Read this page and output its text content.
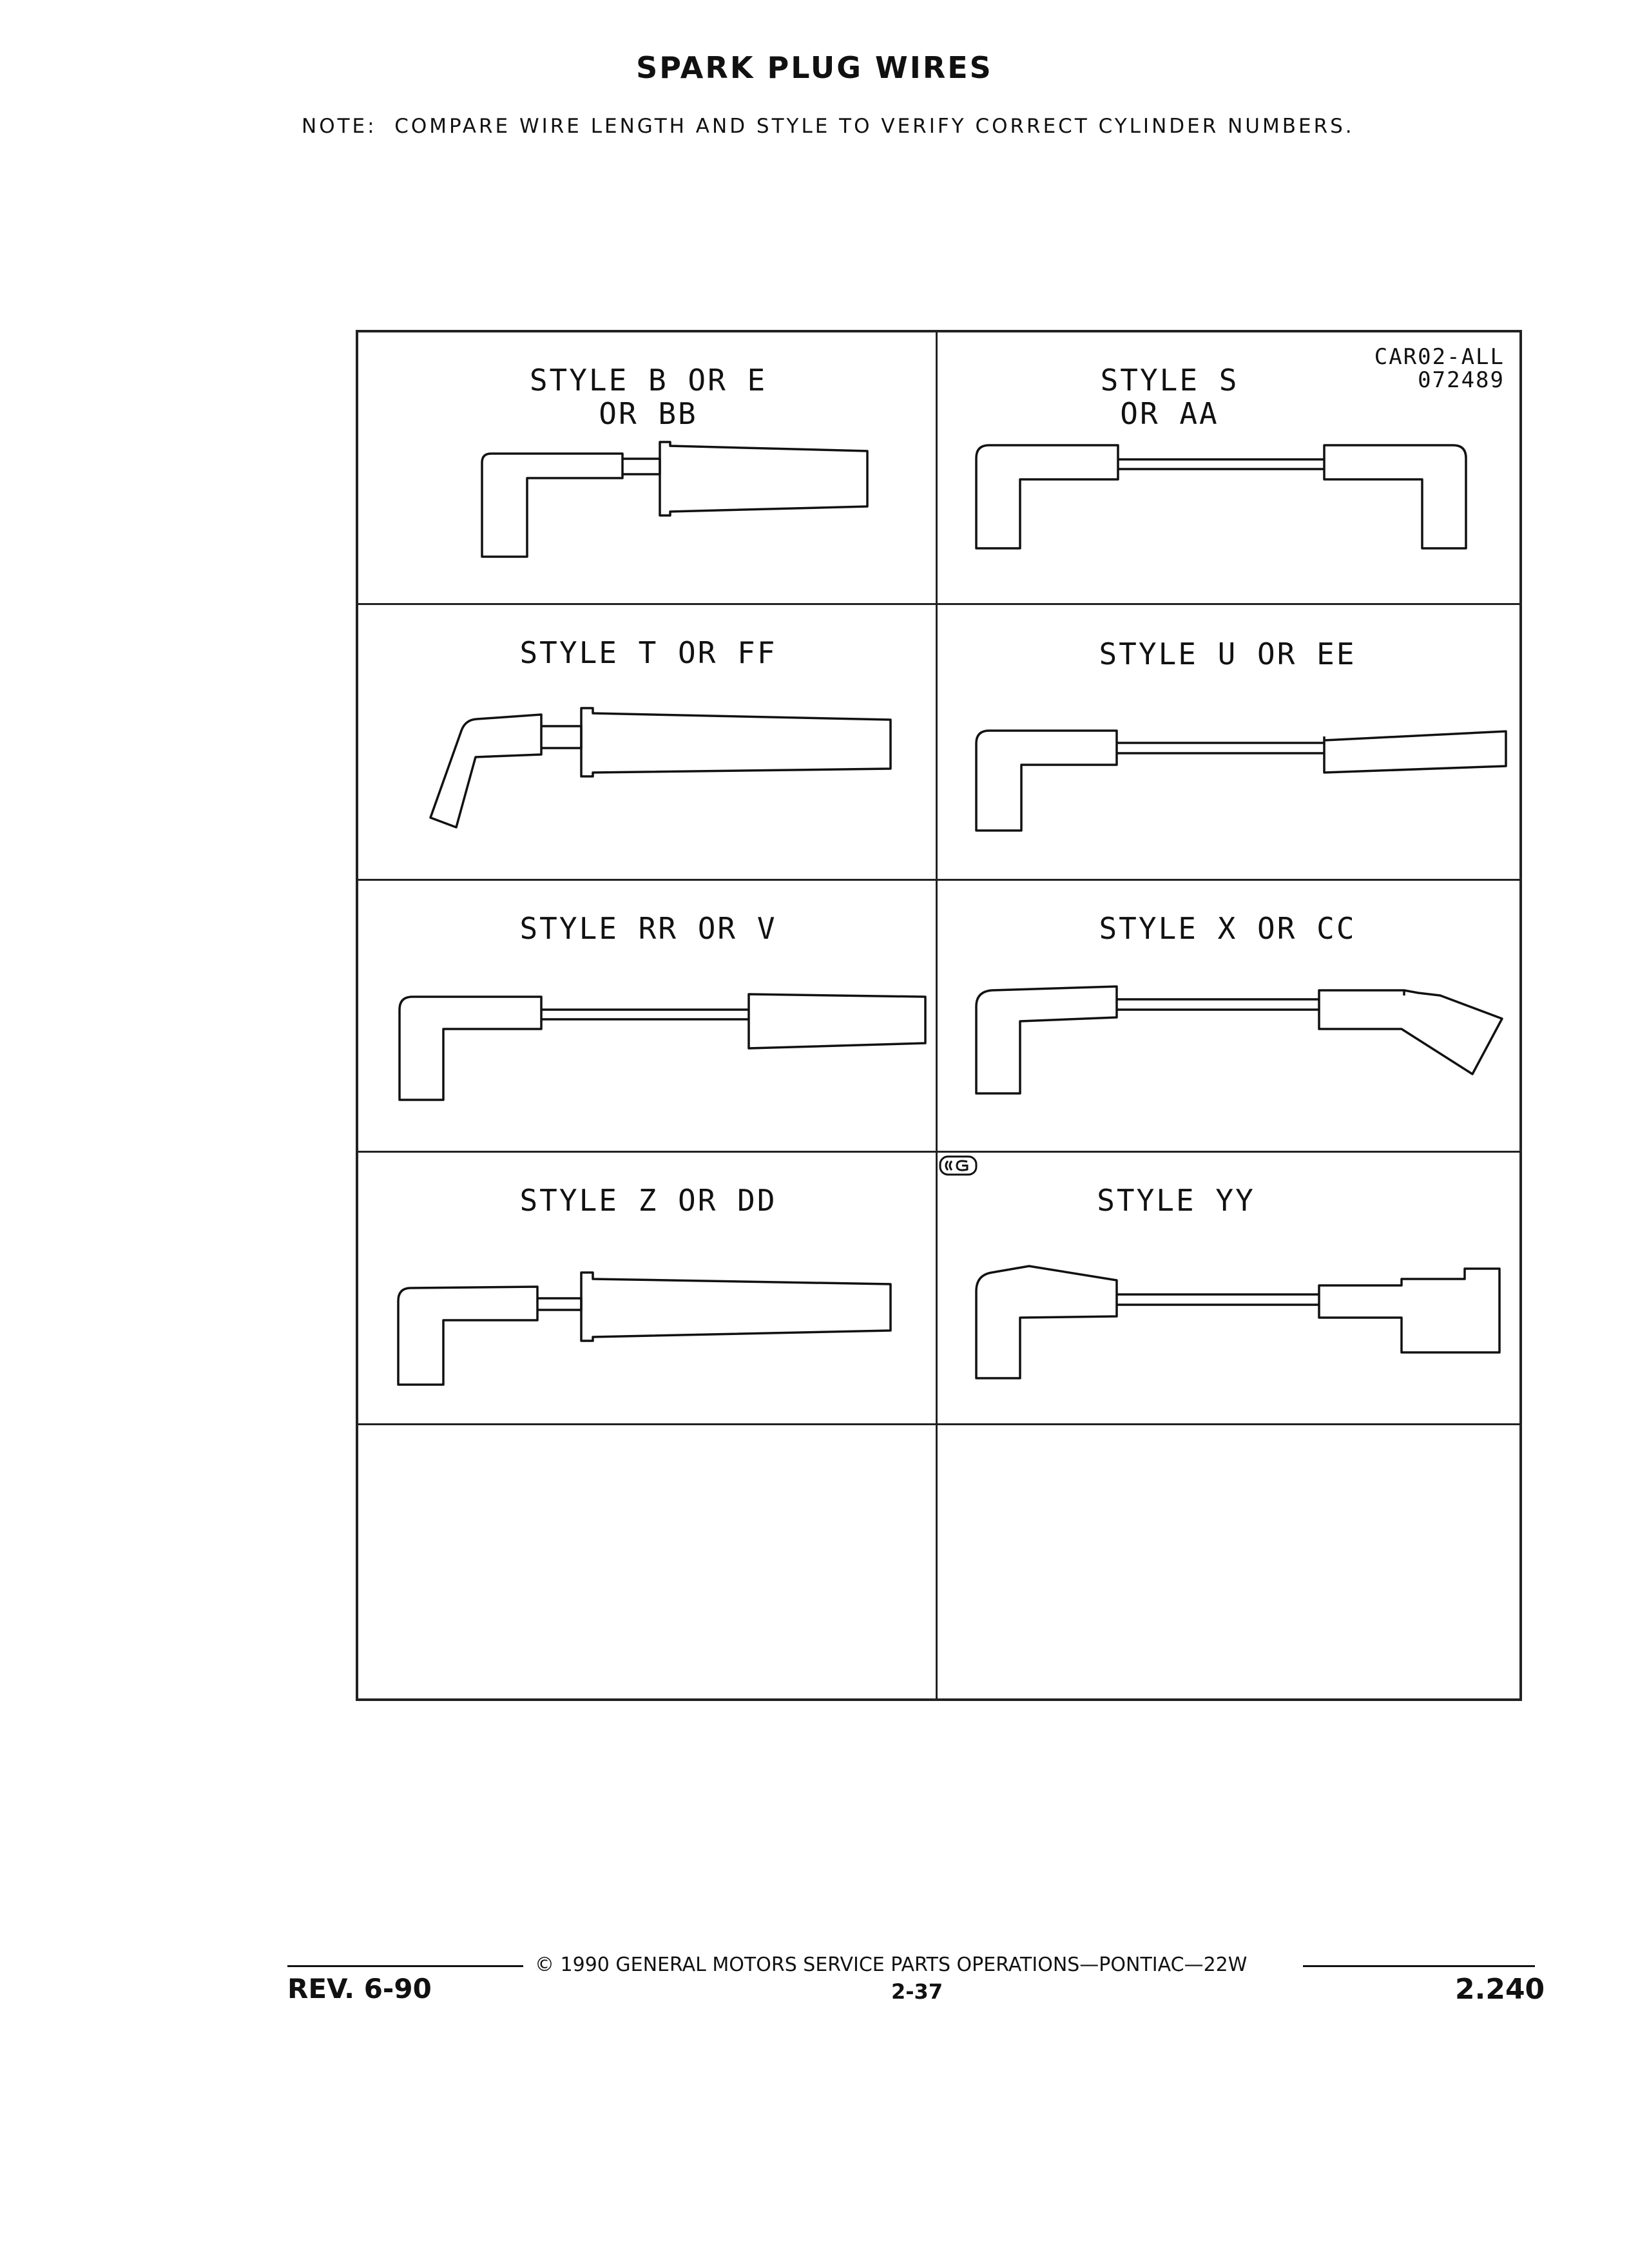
SPARK PLUG WIRES
NOTE:  COMPARE WIRE LENGTH AND STYLE TO VERIFY CORRECT CYLINDER NUMBERS.
STYLE B OR E
OR BB
CAR02-ALL
072489
STYLE S
OR AA
STYLE T OR FF	STYLE U OR EE
STYLE RR OR V	STYLE X OR CC
STYLE Z OR DD	STYLE YY
REV. 6-90
© 1990 GENERAL MOTORS SERVICE PARTS OPERATIONS—PONTIAC—22W
2-37	2.240
